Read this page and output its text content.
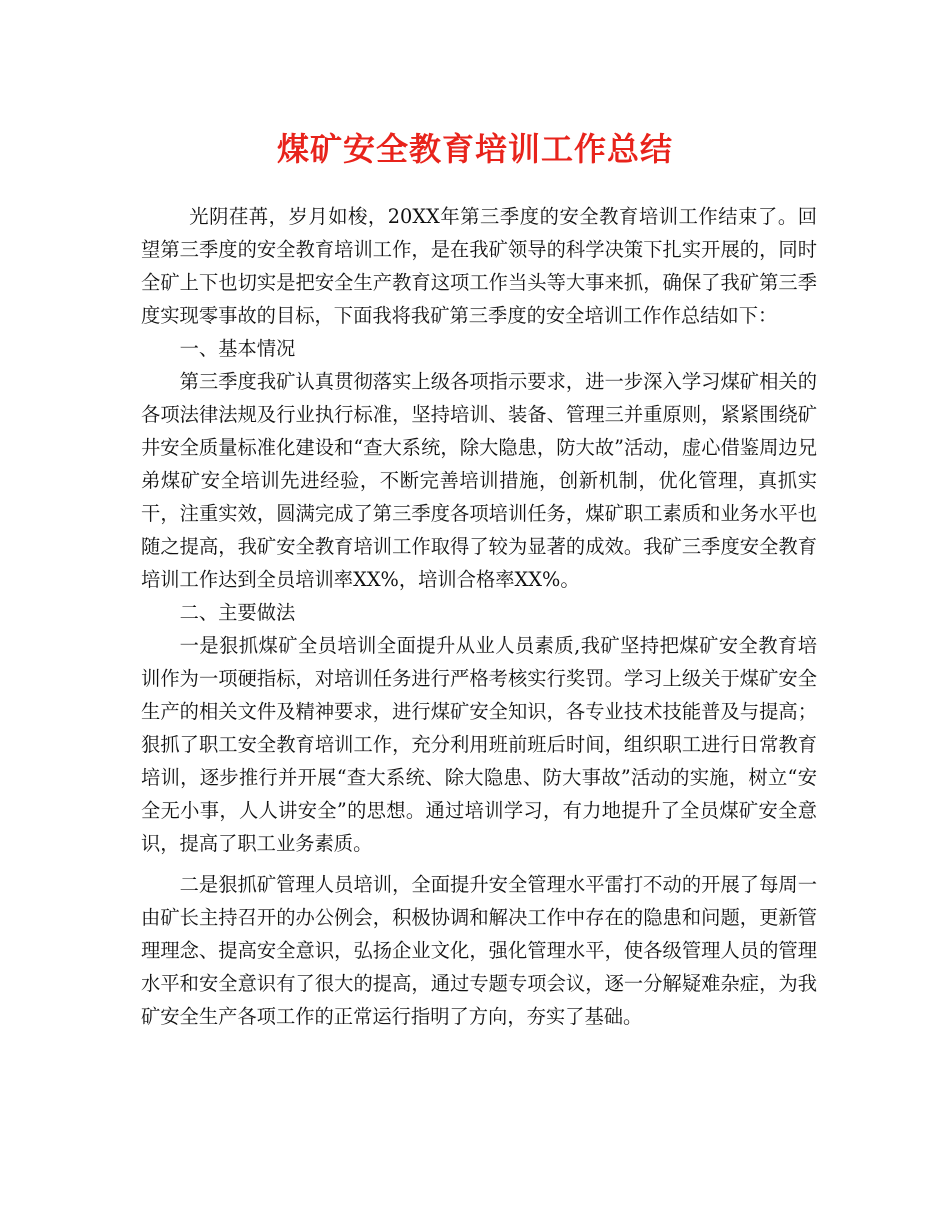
煤矿安全教育培训工作总结

光阴荏苒，岁月如梭，20XX年第三季度的安全教育培训工作结束了。回望第三季度的安全教育培训工作，是在我矿领导的科学决策下扎实开展的，同时全矿上下也切实是把安全生产教育这项工作当头等大事来抓，确保了我矿第三季度实现零事故的目标，下面我将我矿第三季度的安全培训工作作总结如下：

一、基本情况

第三季度我矿认真贯彻落实上级各项指示要求，进一步深入学习煤矿相关的各项法律法规及行业执行标准，坚持培训、装备、管理三并重原则，紧紧围绕矿井安全质量标准化建设和“查大系统，除大隐患，防大故”活动，虚心借鉴周边兄弟煤矿安全培训先进经验，不断完善培训措施，创新机制，优化管理，真抓实干，注重实效，圆满完成了第三季度各项培训任务，煤矿职工素质和业务水平也随之提高，我矿安全教育培训工作取得了较为显著的成效。我矿三季度安全教育培训工作达到全员培训率XX%，培训合格率XX%。

二、主要做法

一是狠抓煤矿全员培训全面提升从业人员素质,我矿坚持把煤矿安全教育培训作为一项硬指标，对培训任务进行严格考核实行奖罚。学习上级关于煤矿安全生产的相关文件及精神要求，进行煤矿安全知识，各专业技术技能普及与提高；狠抓了职工安全教育培训工作，充分利用班前班后时间，组织职工进行日常教育培训，逐步推行并开展“查大系统、除大隐患、防大事故”活动的实施，树立“安全无小事，人人讲安全”的思想。通过培训学习，有力地提升了全员煤矿安全意识，提高了职工业务素质。

二是狠抓矿管理人员培训，全面提升安全管理水平雷打不动的开展了每周一由矿长主持召开的办公例会，积极协调和解决工作中存在的隐患和问题，更新管理理念、提高安全意识，弘扬企业文化，强化管理水平，使各级管理人员的管理水平和安全意识有了很大的提高，通过专题专项会议，逐一分解疑难杂症，为我矿安全生产各项工作的正常运行指明了方向，夯实了基础。
